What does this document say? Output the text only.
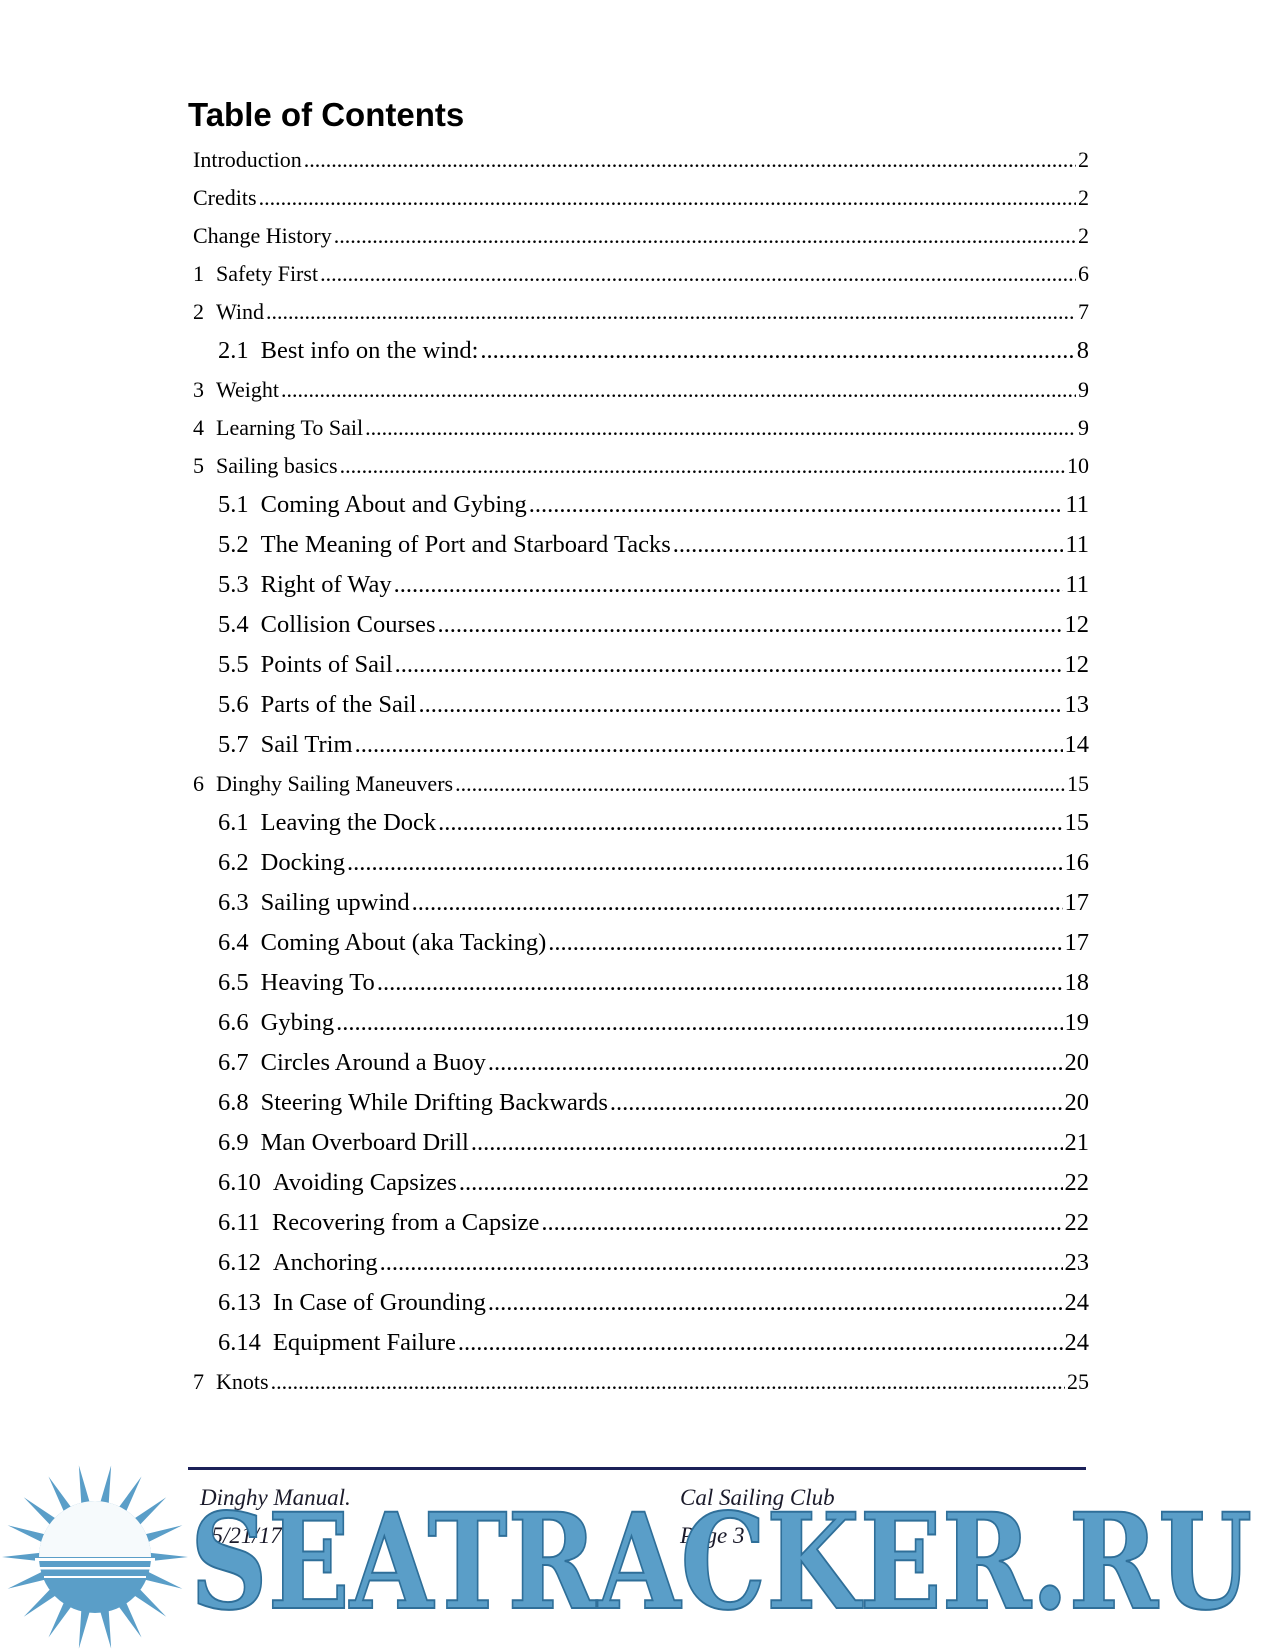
Table of Contents
Introduction .....	2
Credits .....	2
Change History .....	2
1 Safety First .....	6
2 Wind .....	7
2.1 Best info on the wind: .....	8
3 Weight .....	9
4 Learning To Sail .....	9
5 Sailing basics .....	10
5.1 Coming About and Gybing .....	11
5.2 The Meaning of Port and Starboard Tacks .....	11
5.3 Right of Way .....	11
5.4 Collision Courses .....	12
5.5 Points of Sail .....	12
5.6 Parts of the Sail .....	13
5.7 Sail Trim .....	14
6 Dinghy Sailing Maneuvers .....	15
6.1 Leaving the Dock .....	15
6.2 Docking .....	16
6.3 Sailing upwind .....	17
6.4 Coming About (aka Tacking) .....	17
6.5 Heaving To .....	18
6.6 Gybing .....	19
6.7 Circles Around a Buoy .....	20
6.8 Steering While Drifting Backwards .....	20
6.9 Man Overboard Drill .....	21
6.10 Avoiding Capsizes .....	22
6.11 Recovering from a Capsize .....	22
6.12 Anchoring .....	23
6.13 In Case of Grounding .....	24
6.14 Equipment Failure .....	24
7 Knots .....	25
Dinghy Manual.
05/21/17
Cal Sailing Club
Page 3
SEATRACKER.RU
